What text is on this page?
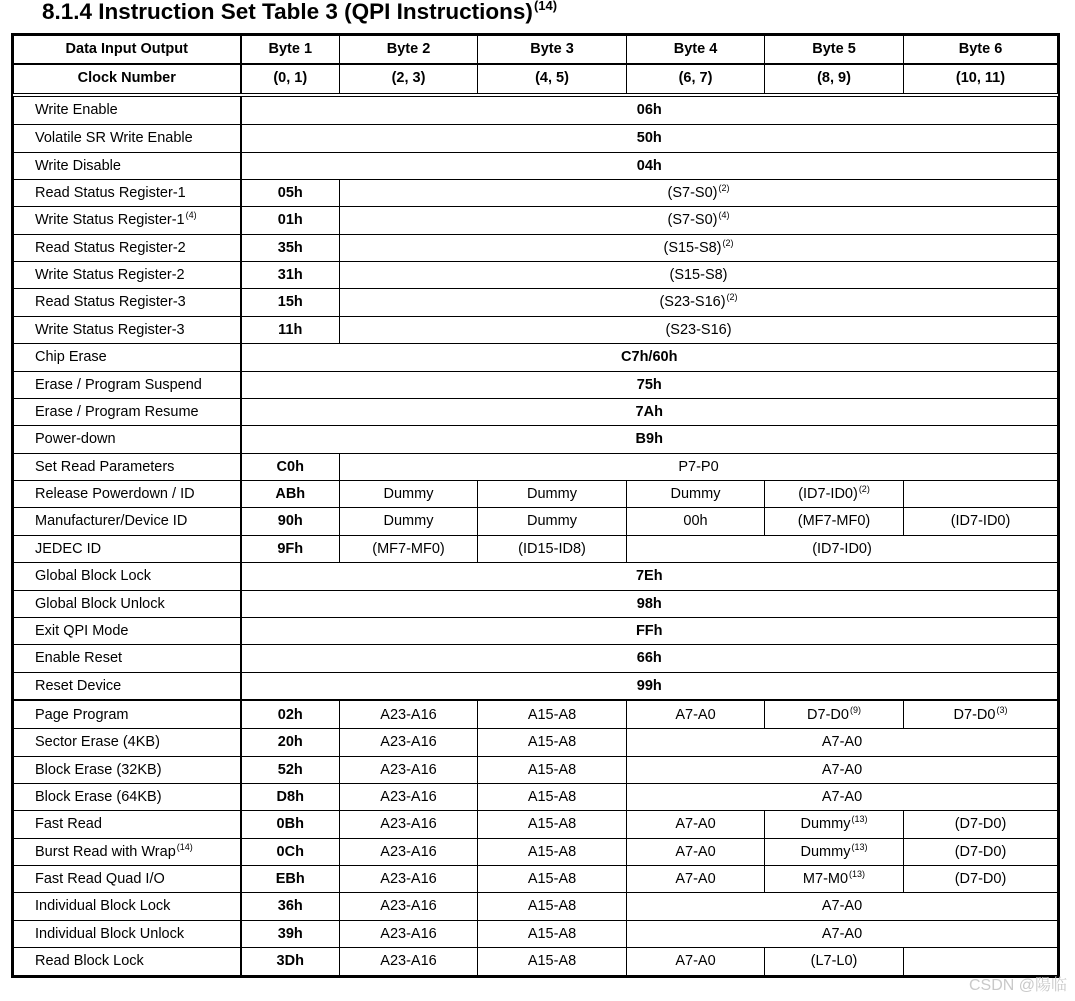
8.1.4 Instruction Set Table 3 (QPI Instructions)$^{(14)}$
Data Input Output	Byte 1	Byte 2	Byte 3	Byte 4	Byte 5	Byte 6
Clock Number	(0, 1)	(2, 3)	(4, 5)	(6, 7)	(8, 9)	(10, 11)
Write Enable	06h					
Volatile SR Write Enable	50h					
Write Disable	04h					
Read Status Register-1	05h	$(S7-S0)^{(2)}$
Write Status Register-1$^{(4)}$	01h	$(S7-S0)^{(4)}$
Read Status Register-2	35h	$(S15-S8)^{(2)}$
Write Status Register-2	31h	(S15-S8)				
Read Status Register-3	15h	$(S23-S16)^{(2)}$
Write Status Register-3	11h	(S23-S16)				
Chip Erase	C7h/60h					
Erase / Program Suspend	75h					
Erase / Program Resume	7Ah					
Power-down	B9h					
Set Read Parameters	C0h	P7-P0				
Release Powerdown / ID	ABh	Dummy	Dummy	Dummy	$(ID7-ID0)^{(2)}$	
Manufacturer/Device ID	90h	Dummy	Dummy	00h	(MF7-MF0)	(ID7-ID0)
JEDEC ID	9Fh	(MF7-MF0)	(ID15-ID8)	(ID7-ID0)		
Global Block Lock	7Eh					
Global Block Unlock	98h					
Exit QPI Mode	FFh					
Enable Reset	66h					
Reset Device	99h					
Page Program	02h	A23-A16	A15-A8	A7-A0	D7-D0$^{(9)}$	D7-D0$^{(3)}$
Sector Erase (4KB)	20h	A23-A16	A15-A8	A7-A0		
Block Erase (32KB)	52h	A23-A16	A15-A8	A7-A0		
Block Erase (64KB)	D8h	A23-A16	A15-A8	A7-A0		
Fast Read	0Bh	A23-A16	A15-A8	A7-A0	Dummy$^{(13)}$	(D7-D0)
Burst Read with Wrap$^{(14)}$	0Ch	A23-A16	A15-A8	A7-A0	Dummy$^{(13)}$	(D7-D0)
Fast Read Quad I/O	EBh	A23-A16	A15-A8	A7-A0	M7-M0$^{(13)}$	(D7-D0)
Individual Block Lock	36h	A23-A16	A15-A8	A7-A0		
Individual Block Unlock	39h	A23-A16	A15-A8	A7-A0		
Read Block Lock	3Dh	A23-A16	A15-A8	A7-A0	(L7-L0)	
CSDN @陽临
